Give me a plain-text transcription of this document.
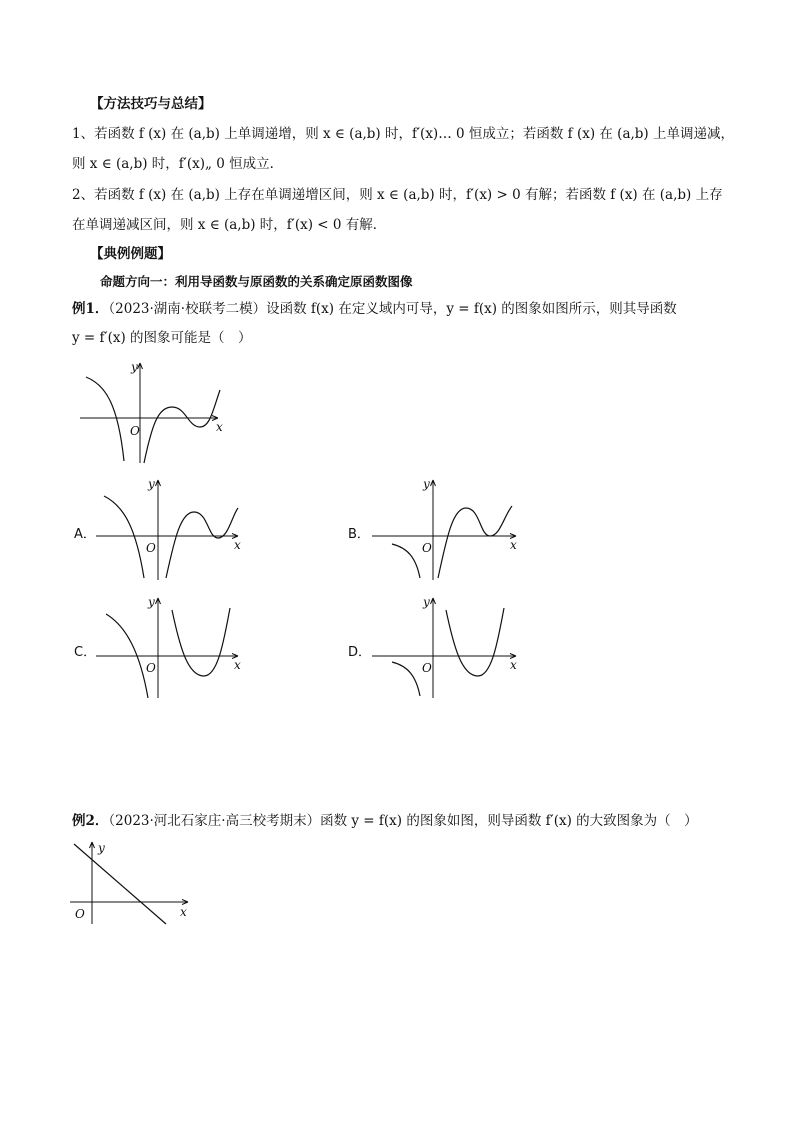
【方法技巧与总结】
1、若函数 f (x) 在 (a,b) 上单调递增，则 x ∈ (a,b) 时，f′(x)… 0 恒成立；若函数 f (x) 在 (a,b) 上单调递减，
则 x ∈ (a,b) 时，f′(x)„ 0 恒成立．
2、若函数 f (x) 在 (a,b) 上存在单调递增区间，则 x ∈ (a,b) 时，f′(x) > 0 有解；若函数 f (x) 在 (a,b) 上存
在单调递减区间，则 x ∈ (a,b) 时，f′(x) < 0 有解．
【典例例题】
命题方向一：利用导函数与原函数的关系确定原函数图像
例1．（2023·湖南·校联考二模）设函数 f(x) 在定义域内可导，y = f(x) 的图象如图所示，则其导函数
y = f′(x) 的图象可能是（　）
x
y
O
A．
x
y
O
B．
x
y
O
C．
x
y
O
D．
x
y
O
例2．（2023·河北石家庄·高三校考期末）函数 y = f(x) 的图象如图，则导函数 f′(x) 的大致图象为（　）
x
y
O
